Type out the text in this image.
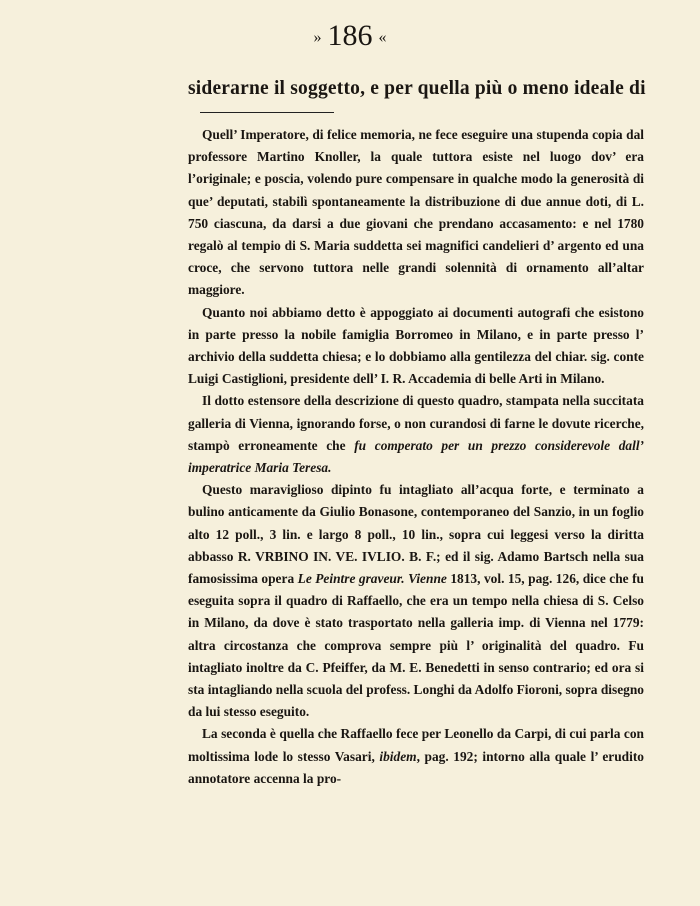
» 186 «
siderarne il soggetto, e per quella più o meno ideale di

Quell’ Imperatore, di felice memoria, ne fece eseguire una stupenda copia dal professore Martino Knoller, la quale tuttora esiste nel luogo dov’ era l’originale; e poscia, volendo pure compensare in qualche modo la generosità di que’ deputati, stabilì spontaneamente la distribuzione di due annue doti, di L. 750 ciascuna, da darsi a due giovani che prendano accasamento: e nel 1780 regalò al tempio di S. Maria suddetta sei magnifici candelieri d’ argento ed una croce, che servono tuttora nelle grandi solennità di ornamento all’altar maggiore.

Quanto noi abbiamo detto è appoggiato ai documenti autografi che esistono in parte presso la nobile famiglia Borromeo in Milano, e in parte presso l’ archivio della suddetta chiesa; e lo dobbiamo alla gentilezza del chiar. sig. conte Luigi Castiglioni, presidente dell’ I. R. Accademia di belle Arti in Milano.

Il dotto estensore della descrizione di questo quadro, stampata nella succitata galleria di Vienna, ignorando forse, o non curandosi di farne le dovute ricerche, stampò erroneamente che fu comperato per un prezzo considerevole dall’ imperatrice Maria Teresa.

Questo maraviglioso dipinto fu intagliato all’acqua forte, e terminato a bulino anticamente da Giulio Bonasone, contemporaneo del Sanzio, in un foglio alto 12 poll., 3 lin. e largo 8 poll., 10 lin., sopra cui leggesi verso la diritta abbasso R. VRBINO IN. VE. IVLIO. B. F.; ed il sig. Adamo Bartsch nella sua famosissima opera Le Peintre graveur. Vienne 1813, vol. 15, pag. 126, dice che fu eseguita sopra il quadro di Raffaello, che era un tempo nella chiesa di S. Celso in Milano, da dove è stato trasportato nella galleria imp. di Vienna nel 1779: altra circostanza che comprova sempre più l’ originalità del quadro. Fu intagliato inoltre da C. Pfeiffer, da M. E. Benedetti in senso contrario; ed ora si sta intagliando nella scuola del profess. Longhi da Adolfo Fioroni, sopra disegno da lui stesso eseguito.

La seconda è quella che Raffaello fece per Leonello da Carpi, di cui parla con moltissima lode lo stesso Vasari, ibidem, pag. 192; intorno alla quale l’ erudito annotatore accenna la pro-
